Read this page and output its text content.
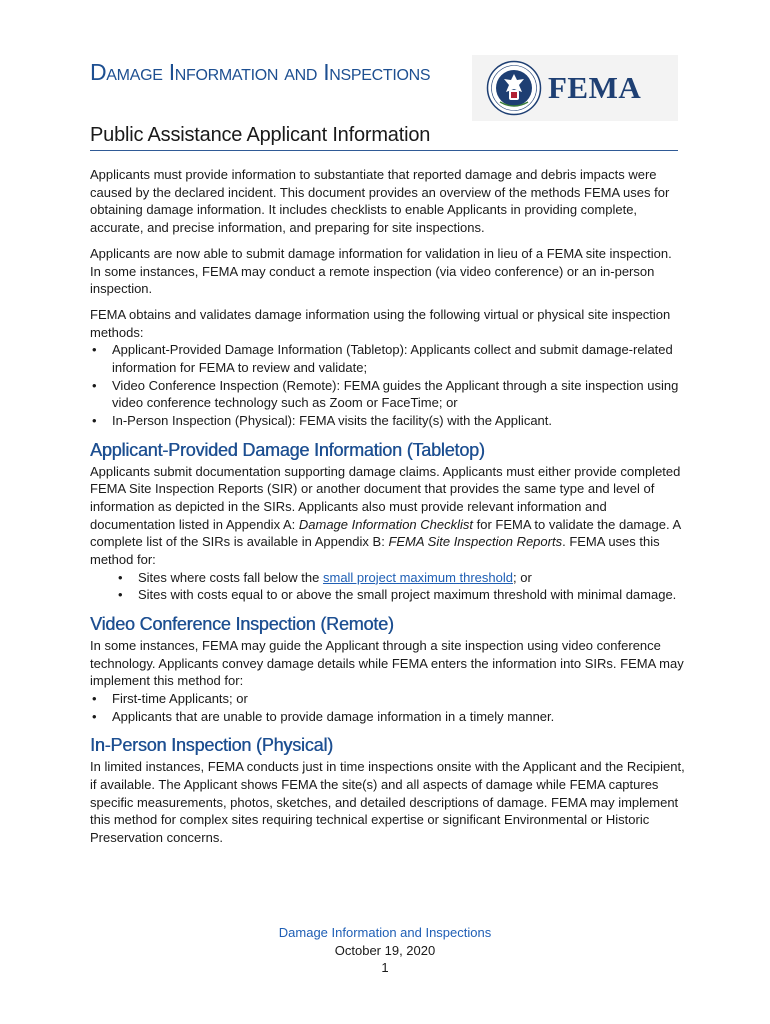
Damage Information and Inspections
Public Assistance Applicant Information
FEMA

Applicants must provide information to substantiate that reported damage and debris impacts were caused by the declared incident. This document provides an overview of the methods FEMA uses for obtaining damage information. It includes checklists to enable Applicants in providing complete, accurate, and precise information, and preparing for site inspections.

Applicants are now able to submit damage information for validation in lieu of a FEMA site inspection. In some instances, FEMA may conduct a remote inspection (via video conference) or an in-person inspection.

FEMA obtains and validates damage information using the following virtual or physical site inspection methods:

• Applicant-Provided Damage Information (Tabletop): Applicants collect and submit damage-related information for FEMA to review and validate;
• Video Conference Inspection (Remote): FEMA guides the Applicant through a site inspection using video conference technology such as Zoom or FaceTime; or
• In-Person Inspection (Physical): FEMA visits the facility(s) with the Applicant.
Applicant-Provided Damage Information (Tabletop)

Applicants submit documentation supporting damage claims. Applicants must either provide completed FEMA Site Inspection Reports (SIR) or another document that provides the same type and level of information as depicted in the SIRs. Applicants also must provide relevant information and documentation listed in Appendix A: Damage Information Checklist for FEMA to validate the damage. A complete list of the SIRs is available in Appendix B: FEMA Site Inspection Reports. FEMA uses this method for:

• Sites where costs fall below the small project maximum threshold; or
• Sites with costs equal to or above the small project maximum threshold with minimal damage.
Video Conference Inspection (Remote)

In some instances, FEMA may guide the Applicant through a site inspection using video conference technology. Applicants convey damage details while FEMA enters the information into SIRs. FEMA may implement this method for:

• First-time Applicants; or
• Applicants that are unable to provide damage information in a timely manner.
In-Person Inspection (Physical)

In limited instances, FEMA conducts just in time inspections onsite with the Applicant and the Recipient, if available. The Applicant shows FEMA the site(s) and all aspects of damage while FEMA captures specific measurements, photos, sketches, and detailed descriptions of damage. FEMA may implement this method for complex sites requiring technical expertise or significant Environmental or Historic Preservation concerns.

Damage Information and Inspections
October 19, 2020
1
